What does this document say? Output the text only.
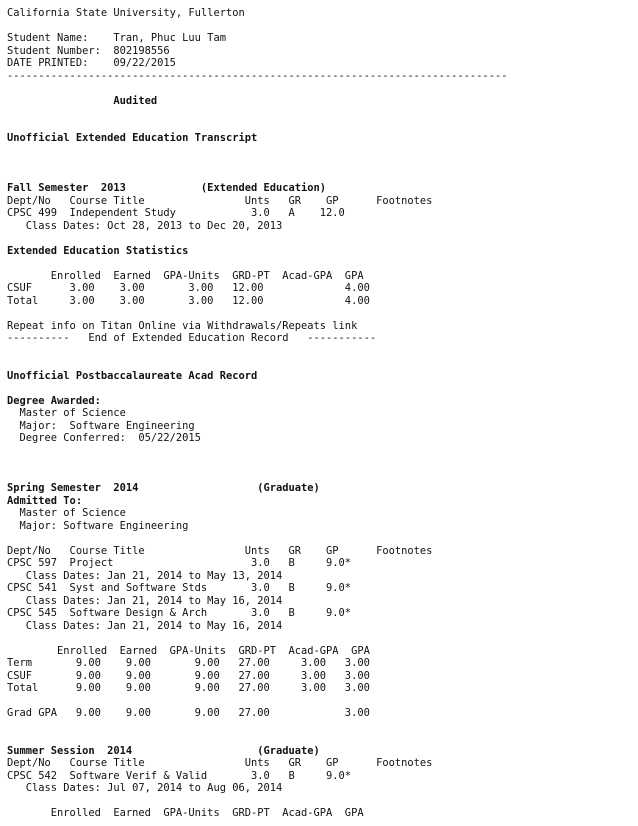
California State University, Fullerton
Student Name:    Tran, Phuc Luu Tam
Student Number:  802198556
DATE PRINTED:    09/22/2015
--------------------------------------------------------------------------------
Audited
Unofficial Extended Education Transcript
Fall Semester  2013            (Extended Education)
Dept/No   Course Title                Unts   GR    GP      Footnotes
CPSC 499  Independent Study            3.0   A    12.0
Class Dates: Oct 28, 2013 to Dec 20, 2013
Extended Education Statistics
Enrolled  Earned  GPA-Units  GRD-PT  Acad-GPA  GPA
CSUF      3.00    3.00       3.00   12.00             4.00
Total     3.00    3.00       3.00   12.00             4.00
Repeat info on Titan Online via Withdrawals/Repeats link
----------   End of Extended Education Record   -----------
Unofficial Postbaccalaureate Acad Record
Degree Awarded:
Master of Science
Major:  Software Engineering
Degree Conferred:  05/22/2015
Spring Semester  2014                   (Graduate)
Admitted To:
Master of Science
Major: Software Engineering
Dept/No   Course Title                Unts   GR    GP      Footnotes
CPSC 597  Project                      3.0   B     9.0*
Class Dates: Jan 21, 2014 to May 13, 2014
CPSC 541  Syst and Software Stds       3.0   B     9.0*
Class Dates: Jan 21, 2014 to May 16, 2014
CPSC 545  Software Design & Arch       3.0   B     9.0*
Class Dates: Jan 21, 2014 to May 16, 2014
Enrolled  Earned  GPA-Units  GRD-PT  Acad-GPA  GPA
Term       9.00    9.00       9.00   27.00     3.00   3.00
CSUF       9.00    9.00       9.00   27.00     3.00   3.00
Total      9.00    9.00       9.00   27.00     3.00   3.00
Grad GPA   9.00    9.00       9.00   27.00            3.00
Summer Session  2014                    (Graduate)
Dept/No   Course Title                Unts   GR    GP      Footnotes
CPSC 542  Software Verif & Valid       3.0   B     9.0*
Class Dates: Jul 07, 2014 to Aug 06, 2014
Enrolled  Earned  GPA-Units  GRD-PT  Acad-GPA  GPA
